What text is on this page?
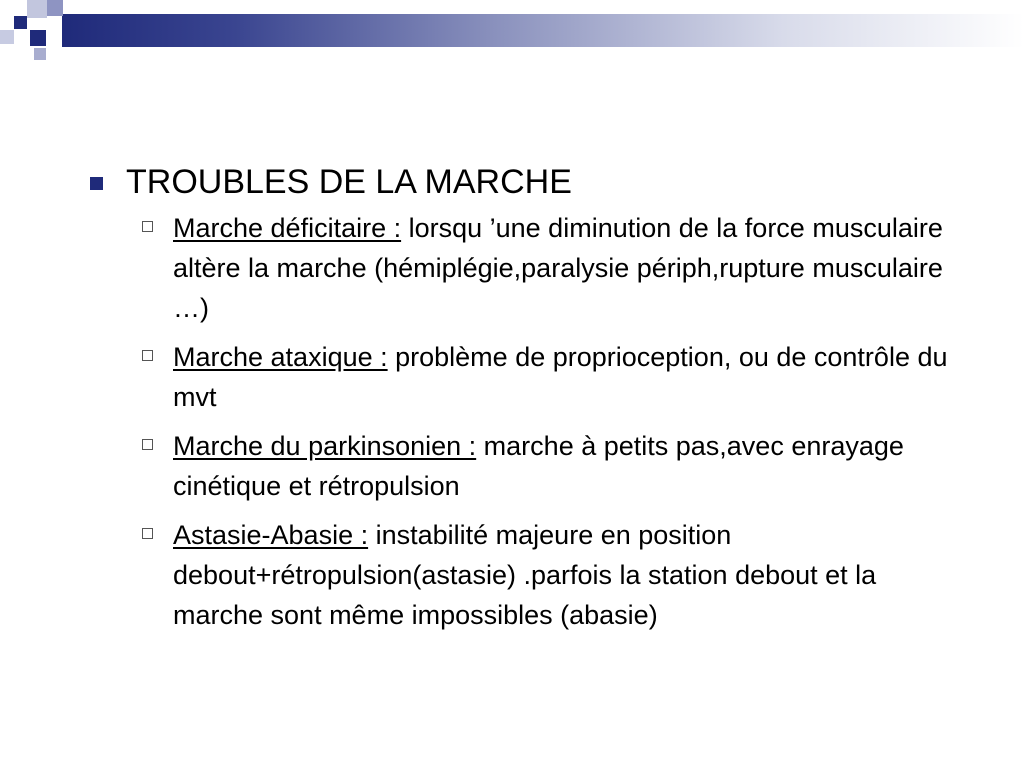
TROUBLES DE LA MARCHE
Marche déficitaire : lorsqu ’une diminution de la force musculaire altère la marche (hémiplégie,paralysie périph,rupture musculaire …)
Marche ataxique : problème de proprioception, ou de contrôle du mvt
Marche du parkinsonien : marche à petits pas,avec enrayage cinétique et rétropulsion
Astasie-Abasie : instabilité majeure en position debout+rétropulsion(astasie) .parfois la station debout et la marche sont même impossibles (abasie)
